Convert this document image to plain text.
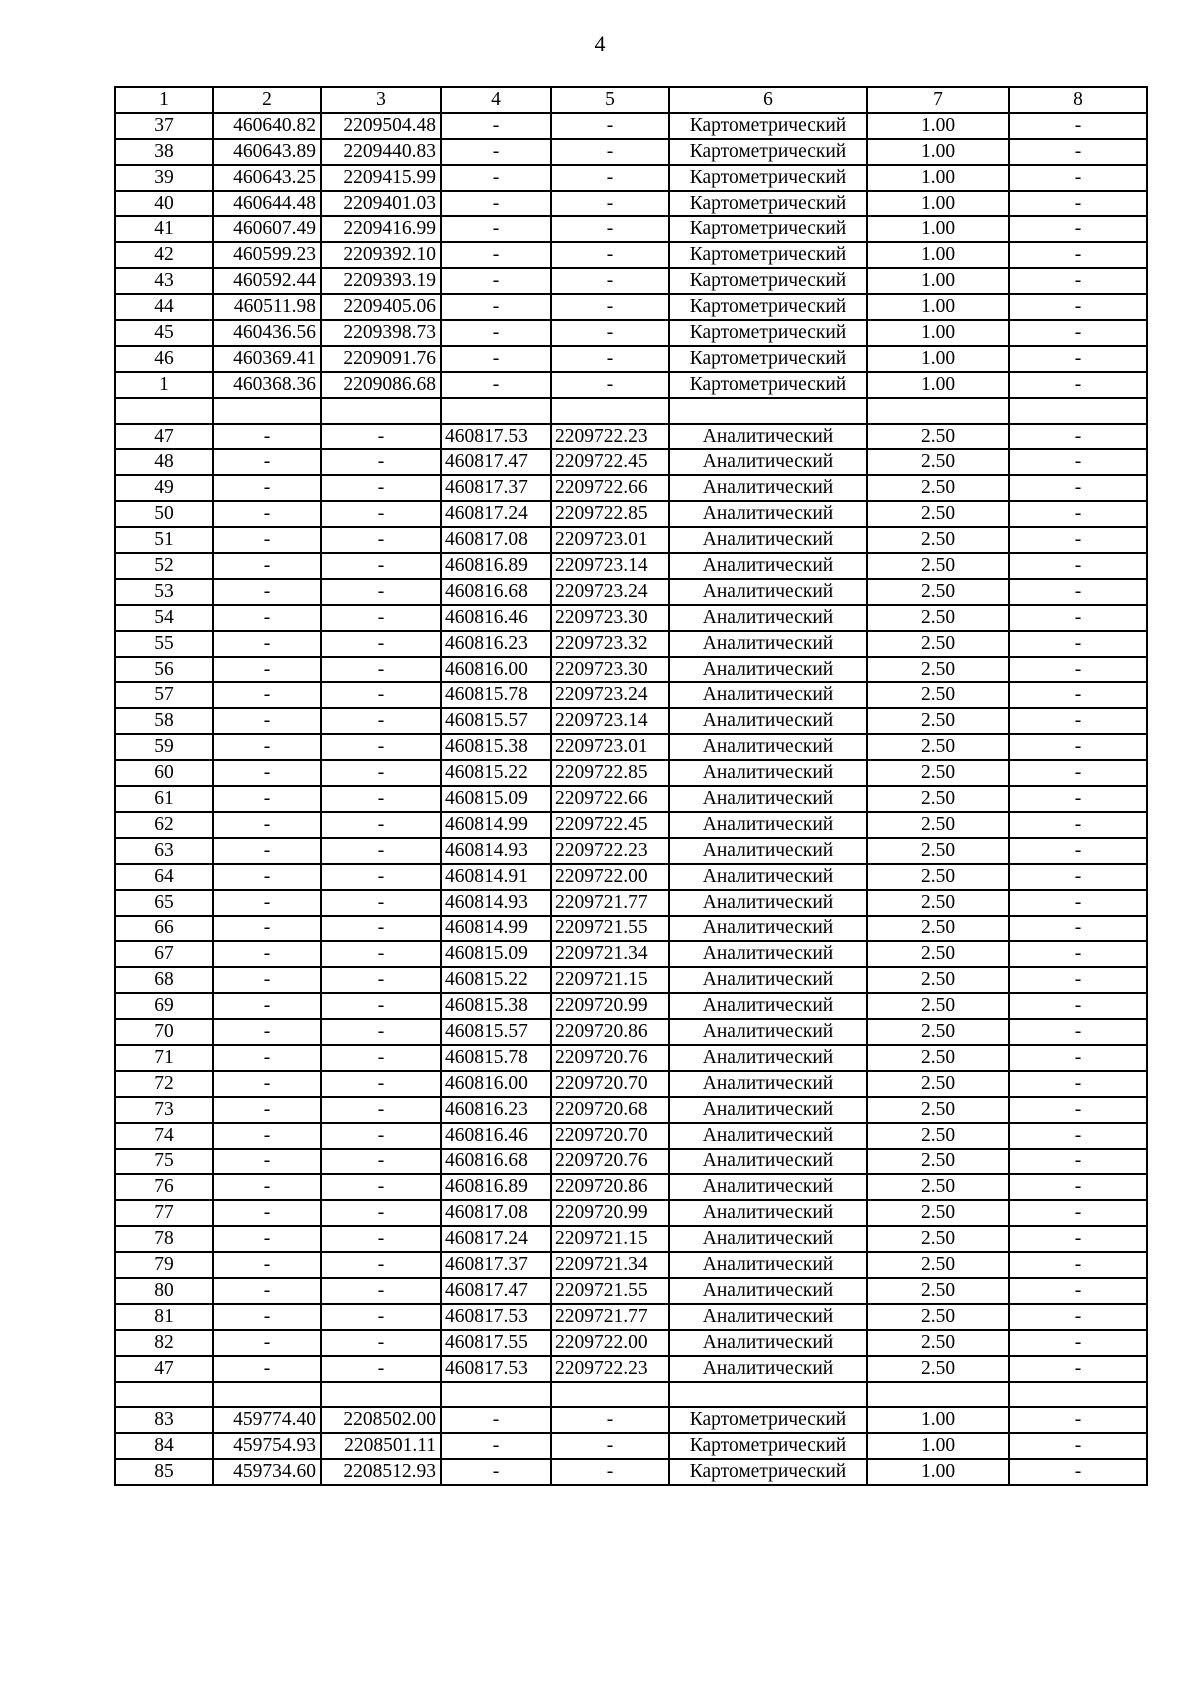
4
1	2	3	4	5	6	7	8
37	460640.82	2209504.48	-	-	Картометрический	1.00	-
38	460643.89	2209440.83	-	-	Картометрический	1.00	-
39	460643.25	2209415.99	-	-	Картометрический	1.00	-
40	460644.48	2209401.03	-	-	Картометрический	1.00	-
41	460607.49	2209416.99	-	-	Картометрический	1.00	-
42	460599.23	2209392.10	-	-	Картометрический	1.00	-
43	460592.44	2209393.19	-	-	Картометрический	1.00	-
44	460511.98	2209405.06	-	-	Картометрический	1.00	-
45	460436.56	2209398.73	-	-	Картометрический	1.00	-
46	460369.41	2209091.76	-	-	Картометрический	1.00	-
1	460368.36	2209086.68	-	-	Картометрический	1.00	-

47	-	-	460817.53	2209722.23	Аналитический	2.50	-
48	-	-	460817.47	2209722.45	Аналитический	2.50	-
49	-	-	460817.37	2209722.66	Аналитический	2.50	-
50	-	-	460817.24	2209722.85	Аналитический	2.50	-
51	-	-	460817.08	2209723.01	Аналитический	2.50	-
52	-	-	460816.89	2209723.14	Аналитический	2.50	-
53	-	-	460816.68	2209723.24	Аналитический	2.50	-
54	-	-	460816.46	2209723.30	Аналитический	2.50	-
55	-	-	460816.23	2209723.32	Аналитический	2.50	-
56	-	-	460816.00	2209723.30	Аналитический	2.50	-
57	-	-	460815.78	2209723.24	Аналитический	2.50	-
58	-	-	460815.57	2209723.14	Аналитический	2.50	-
59	-	-	460815.38	2209723.01	Аналитический	2.50	-
60	-	-	460815.22	2209722.85	Аналитический	2.50	-
61	-	-	460815.09	2209722.66	Аналитический	2.50	-
62	-	-	460814.99	2209722.45	Аналитический	2.50	-
63	-	-	460814.93	2209722.23	Аналитический	2.50	-
64	-	-	460814.91	2209722.00	Аналитический	2.50	-
65	-	-	460814.93	2209721.77	Аналитический	2.50	-
66	-	-	460814.99	2209721.55	Аналитический	2.50	-
67	-	-	460815.09	2209721.34	Аналитический	2.50	-
68	-	-	460815.22	2209721.15	Аналитический	2.50	-
69	-	-	460815.38	2209720.99	Аналитический	2.50	-
70	-	-	460815.57	2209720.86	Аналитический	2.50	-
71	-	-	460815.78	2209720.76	Аналитический	2.50	-
72	-	-	460816.00	2209720.70	Аналитический	2.50	-
73	-	-	460816.23	2209720.68	Аналитический	2.50	-
74	-	-	460816.46	2209720.70	Аналитический	2.50	-
75	-	-	460816.68	2209720.76	Аналитический	2.50	-
76	-	-	460816.89	2209720.86	Аналитический	2.50	-
77	-	-	460817.08	2209720.99	Аналитический	2.50	-
78	-	-	460817.24	2209721.15	Аналитический	2.50	-
79	-	-	460817.37	2209721.34	Аналитический	2.50	-
80	-	-	460817.47	2209721.55	Аналитический	2.50	-
81	-	-	460817.53	2209721.77	Аналитический	2.50	-
82	-	-	460817.55	2209722.00	Аналитический	2.50	-
47	-	-	460817.53	2209722.23	Аналитический	2.50	-

83	459774.40	2208502.00	-	-	Картометрический	1.00	-
84	459754.93	2208501.11	-	-	Картометрический	1.00	-
85	459734.60	2208512.93	-	-	Картометрический	1.00	-
